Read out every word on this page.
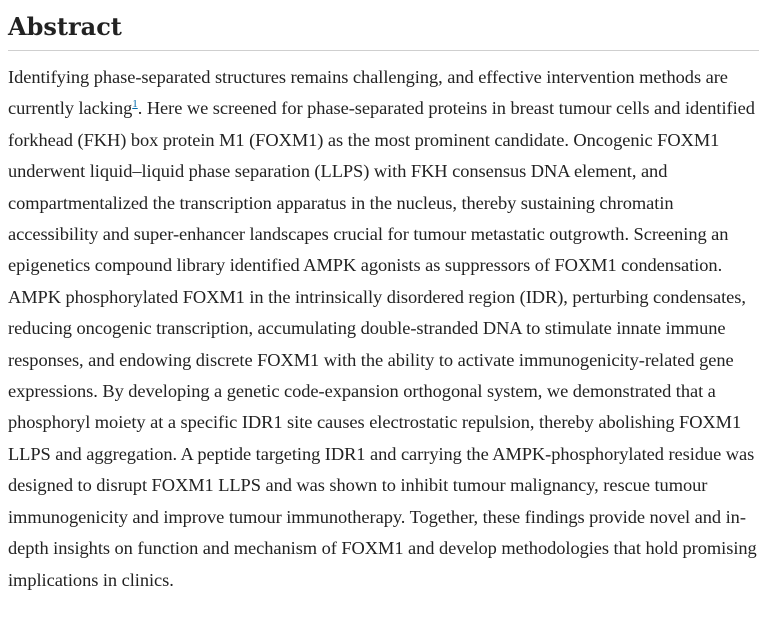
Abstract

Identifying phase-separated structures remains challenging, and effective intervention methods are currently lacking$^1$. Here we screened for phase-separated proteins in breast tumour cells and identified forkhead (FKH) box protein M1 (FOXM1) as the most prominent candidate. Oncogenic FOXM1 underwent liquid–liquid phase separation (LLPS) with FKH consensus DNA element, and compartmentalized the transcription apparatus in the nucleus, thereby sustaining chromatin accessibility and super-enhancer landscapes crucial for tumour metastatic outgrowth. Screening an epigenetics compound library identified AMPK agonists as suppressors of FOXM1 condensation. AMPK phosphorylated FOXM1 in the intrinsically disordered region (IDR), perturbing condensates, reducing oncogenic transcription, accumulating double-stranded DNA to stimulate innate immune responses, and endowing discrete FOXM1 with the ability to activate immunogenicity-related gene expressions. By developing a genetic code-expansion orthogonal system, we demonstrated that a phosphoryl moiety at a specific IDR1 site causes electrostatic repulsion, thereby abolishing FOXM1 LLPS and aggregation. A peptide targeting IDR1 and carrying the AMPK-phosphorylated residue was designed to disrupt FOXM1 LLPS and was shown to inhibit tumour malignancy, rescue tumour immunogenicity and improve tumour immunotherapy. Together, these findings provide novel and in-depth insights on function and mechanism of FOXM1 and develop methodologies that hold promising implications in clinics.
